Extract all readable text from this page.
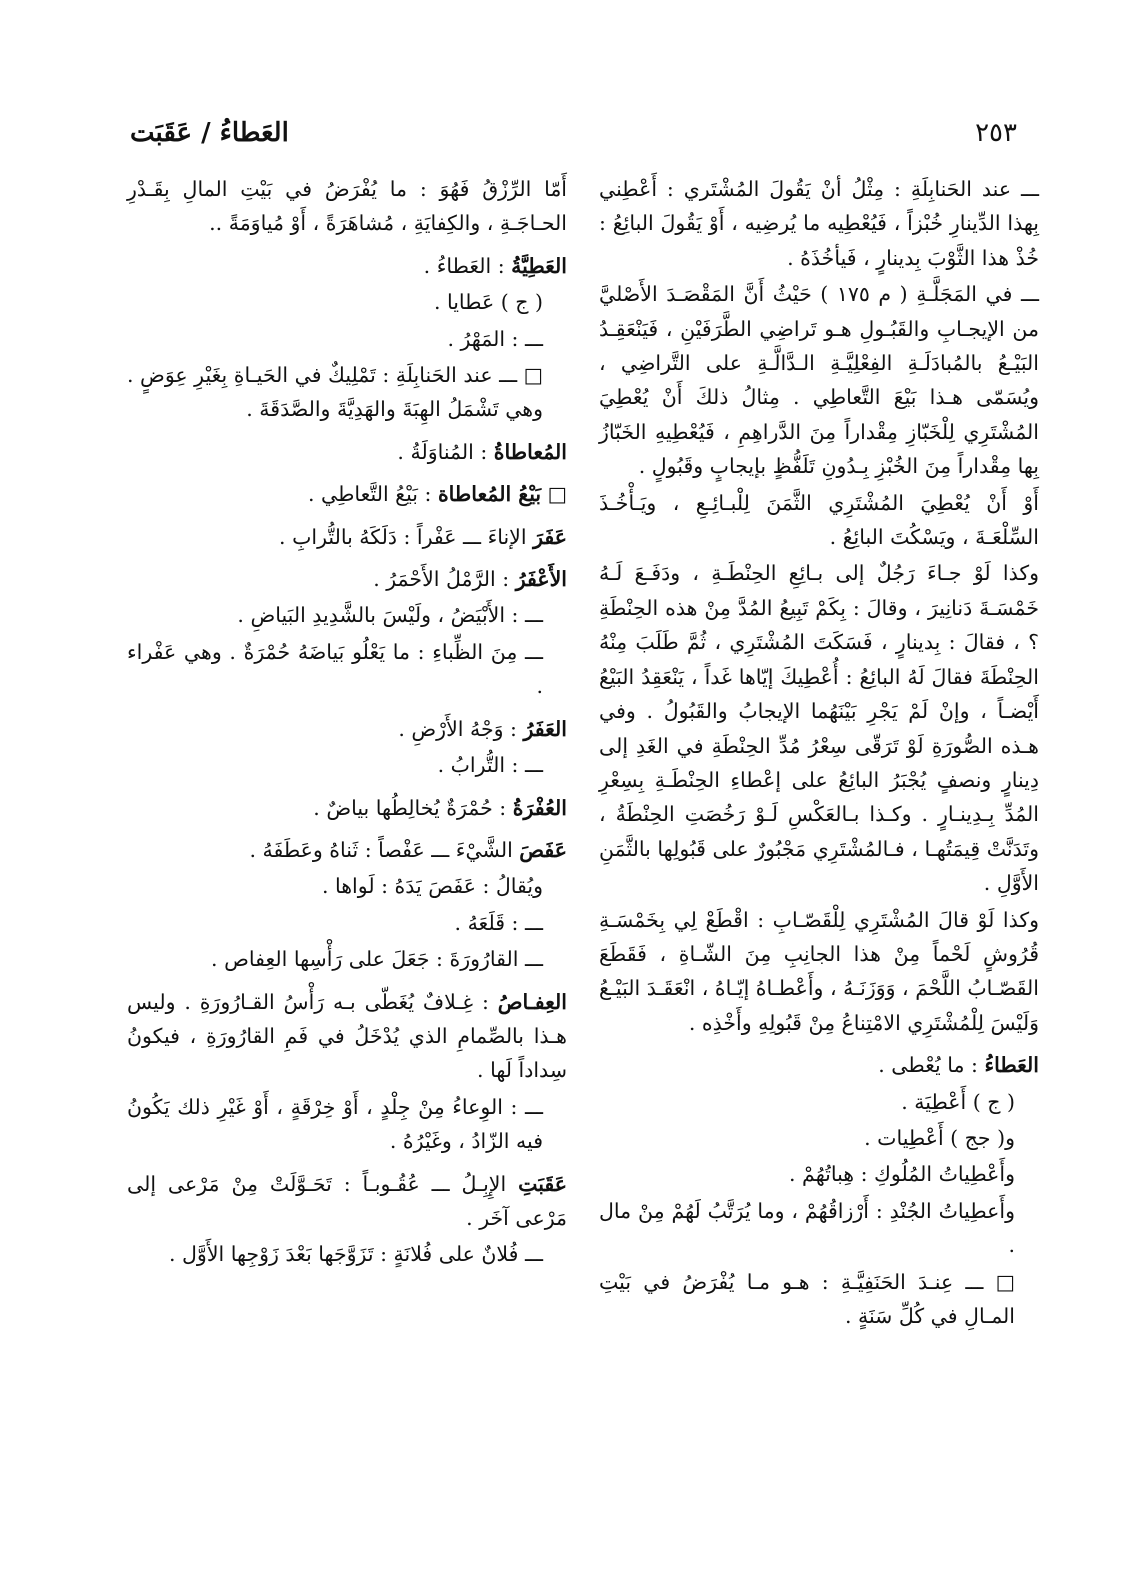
٢٥٣
العَطاءُ / عَقَبَت
ـــ عند الحَنابِلَةِ : مِثْلُ أنْ يَقُولَ المُشْتَري : أَعْطِني بِهذا الدِّينارِ خُبْزاً ، فَيُعْطِيه ما يُرضِيه ، أَوْ يَقُولَ البائِعُ : خُذْ هذا الثَّوْبَ بِدينارٍ ، فَيأخُذَهُ .
ـــ في المَجَلَّـةِ ( م ١٧٥ ) حَيْثُ أَنَّ المَقْصَـدَ الأَصْليَّ من الإيجـابِ والقَبُـولِ هـو تَراضِي الطَّرَفَيْنِ ، فَيَنْعَقِـدُ البَيْـعُ بالمُبادَلَـةِ الفِعْلِيَّـةِ الـدَّالَّـةِ على التَّراضِي ، ويُسَمّى هـذا بَيْعَ التَّعاطِي . مِثالُ ذلكَ أَنْ يُعْطِيَ المُشْتَرِي لِلْخَبّازِ مِقْداراً مِنَ الدَّراهِمِ ، فَيُعْطِيهِ الخَبّازُ بِها مِقْداراً مِنَ الخُبْزِ بِـدُونِ تَلَفُّظٍ بإيجابٍ وقَبُولٍ .
أَوْ أَنْ يُعْطِيَ المُشْتَرِي الثَّمَنَ لِلْبـائِـعِ ، ويَـأْخُـذَ السِّلْعَـةَ ، ويَسْكُتَ البائِعُ .
وكذا لَوْ جـاءَ رَجُلٌ إلى بـائِعِ الحِنْطَـةِ ، ودَفَـعَ لَـهُ خَمْسَـةَ دَنانِيرَ ، وقالَ : بِكَمْ تَبِيعُ المُدَّ مِنْ هذه الحِنْطَةِ ؟ ، فقالَ : بِدينارٍ ، فَسَكَتَ المُشْتَرِي ، ثُمَّ طَلَبَ مِنْهُ الحِنْطَةَ فقالَ لَهُ البائِعُ : أُعْطِيكَ إيّاها غَداً ، يَنْعَقِدُ البَيْعُ أَيْضـاً ، وإنْ لَمْ يَجْرِ بَيْنَهُما الإيجابُ والقَبُولُ . وفي هـذه الصُّورَةِ لَوْ تَرَقّى سِعْرُ مُدِّ الحِنْطَةِ في الغَدِ إلى دِينارٍ ونصفٍ يُجْبَرُ البائِعُ على إعْطاءِ الحِنْطَـةِ بِسِعْرِ المُدِّ بِـدِينـارٍ . وكـذا بـالعَكْسِ لَـوْ رَخُصَتِ الحِنْطَةُ ، وتَدَنَّتْ قِيمَتُهـا ، فـالمُشْتَرِي مَجْبُورٌ على قَبُولِها بالثَّمَنِ الأَوَّلِ .
وكذا لَوْ قالَ المُشْتَرِي لِلْقَصّـابِ : اقْطَعْ لِي بِخَمْسَـةِ قُرُوشٍ لَحْماً مِنْ هذا الجانِبِ مِنَ الشّـاةِ ، فَقَطَعَ القَصّـابُ اللَّحْمَ ، وَوَزَنَـهُ ، وأَعْطـاهُ إيّـاهُ ، انْعَقَـدَ البَيْـعُ وَلَيْسَ لِلْمُشْتَرِي الامْتِناعُ مِنْ قَبُولِهِ وأَخْذِه .
العَطاءُ : ما يُعْطى .
( ج ) أَعْطِيَة .
و( جج ) أَعْطِيات .
وأَعْطِياتُ المُلُوكِ : هِباتُهُمْ .
وأَعطِياتُ الجُنْدِ : أَرْزاقُهُمْ ، وما يُرَتَّبُ لَهُمْ مِنْ مال .
□ ـــ عِنـدَ الحَنَفِيَّـةِ : هـو مـا يُفْرَضُ في بَيْتِ المـالِ في كُلِّ سَنَةٍ .
أَمّا الرِّزْقُ فَهُوَ : ما يُفْرَضُ في بَيْتِ المالِ بِقَـدْرِ الحـاجَـةِ ، والكِفايَةِ ، مُشاهَرَةً ، أَوْ مُياوَمَةً ..
العَطِيَّةُ : العَطاءُ .
( ج ) عَطايا .
ـــ : المَهْرُ .
□ ـــ عند الحَنابِلَةِ : تَمْلِيكٌ في الحَيـاةِ بِغَيْرِ عِوَضٍ . وهي تَشْمَلُ الهِبَةَ والهَدِيَّةَ والصَّدَقَةَ .
المُعاطاةُ : المُناوَلَةُ .
□ بَيْعُ المُعاطاة : بَيْعُ التَّعاطِي .
عَفَرَ الإناءَ ـــ عَفْراً : دَلَكَهُ بالتُّرابِ .
الأَعْفَرُ : الرَّمْلُ الأَحْمَرُ .
ـــ : الأَبْيَضُ ، ولَيْسَ بالشَّدِيدِ البَياضِ .
ـــ مِنَ الظِّباءِ : ما يَعْلُو بَياضَهُ حُمْرَةٌ . وهي عَفْراء .
العَفَرُ : وَجْهُ الأَرْضِ .
ـــ : التُّرابُ .
العُفْرَةُ : حُمْرَةٌ يُخالِطُها بياضٌ .
عَفَصَ الشَّيْءَ ـــ عَفْصاً : ثَناهُ وعَطَفَهُ .
ويُقالُ : عَفَصَ يَدَهُ : لَواها .
ـــ : قَلَعَهُ .
ـــ القارُورَةَ : جَعَلَ على رَأْسِها العِفاص .
العِفـاصُ : غِـلافٌ يُغَطّى بـه رَأْسُ القـارُورَةِ . وليس هـذا بالصِّمامِ الذي يُدْخَلُ في فَمِ القارُورَةِ ، فيكونُ سِداداً لَها .
ـــ : الوِعاءُ مِنْ جِلْدٍ ، أَوْ خِرْقَةٍ ، أَوْ غَيْرِ ذلك يَكُونُ فيه الزّادُ ، وغَيْرُهُ .
عَقَبَتِ الإِبِـلُ ـــ عُقُـوبـاً : تَحَـوَّلَتْ مِنْ مَرْعى إلى مَرْعى آخَر .
ـــ فُلانٌ على فُلانَةٍ : تَزَوَّجَها بَعْدَ زَوْجِها الأَوَّل .
